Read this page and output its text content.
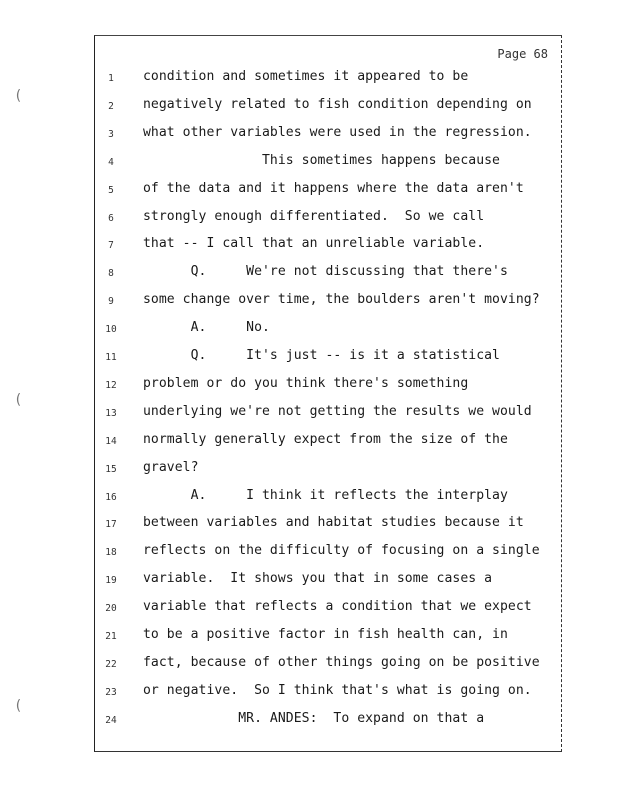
(
(
(
Page 68
1	condition and sometimes it appeared to be
2	negatively related to fish condition depending on
3	what other variables were used in the regression.
4	This sometimes happens because
5	of the data and it happens where the data aren't
6	strongly enough differentiated.  So we call
7	that -- I call that an unreliable variable.
8	Q.     We're not discussing that there's
9	some change over time, the boulders aren't moving?
10	A.     No.
11	Q.     It's just -- is it a statistical
12	problem or do you think there's something
13	underlying we're not getting the results we would
14	normally generally expect from the size of the
15	gravel?
16	A.     I think it reflects the interplay
17	between variables and habitat studies because it
18	reflects on the difficulty of focusing on a single
19	variable.  It shows you that in some cases a
20	variable that reflects a condition that we expect
21	to be a positive factor in fish health can, in
22	fact, because of other things going on be positive
23	or negative.  So I think that's what is going on.
24	MR. ANDES:  To expand on that a
